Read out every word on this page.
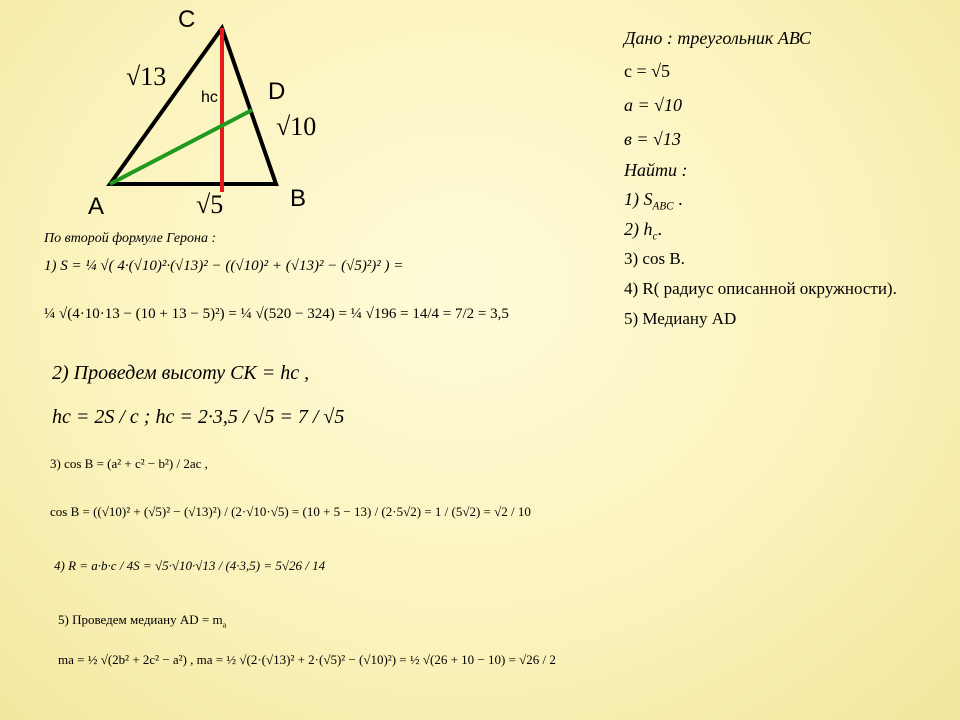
C
A	B
D
hc
√13
√10
√5
Дано : треугольник АВС
c = √5
a = √10
в = √13
Найти :
1) $S_{ABC}$ .
2) $h_c$.
3) cos B.
4) R( радиус описанной окружности).
5) Медиану AD
По второй формуле Герона :
1) S = ¼ √( 4·(√10)²·(√13)² − ((√10)² + (√13)² − (√5)²)² ) =
¼ √(4·10·13 − (10 + 13 − 5)²) = ¼ √(520 − 324) = ¼ √196 = 14/4 = 7/2 = 3,5
2) Проведем высоту CK = hc ,
hc = 2S / c ; hc = 2·3,5 / √5 = 7 / √5
3) cos B = (a² + c² − b²) / 2ac ,
cos B = ((√10)² + (√5)² − (√13)²) / (2·√10·√5) = (10 + 5 − 13) / (2·5√2) = 1 / (5√2) = √2 / 10
4) R = a·b·c / 4S = √5·√10·√13 / (4·3,5) = 5√26 / 14
5) Проведем медиану AD = $m_a$
ma = ½ √(2b² + 2c² − a²) , ma = ½ √(2·(√13)² + 2·(√5)² − (√10)²) = ½ √(26 + 10 − 10) = √26 / 2
